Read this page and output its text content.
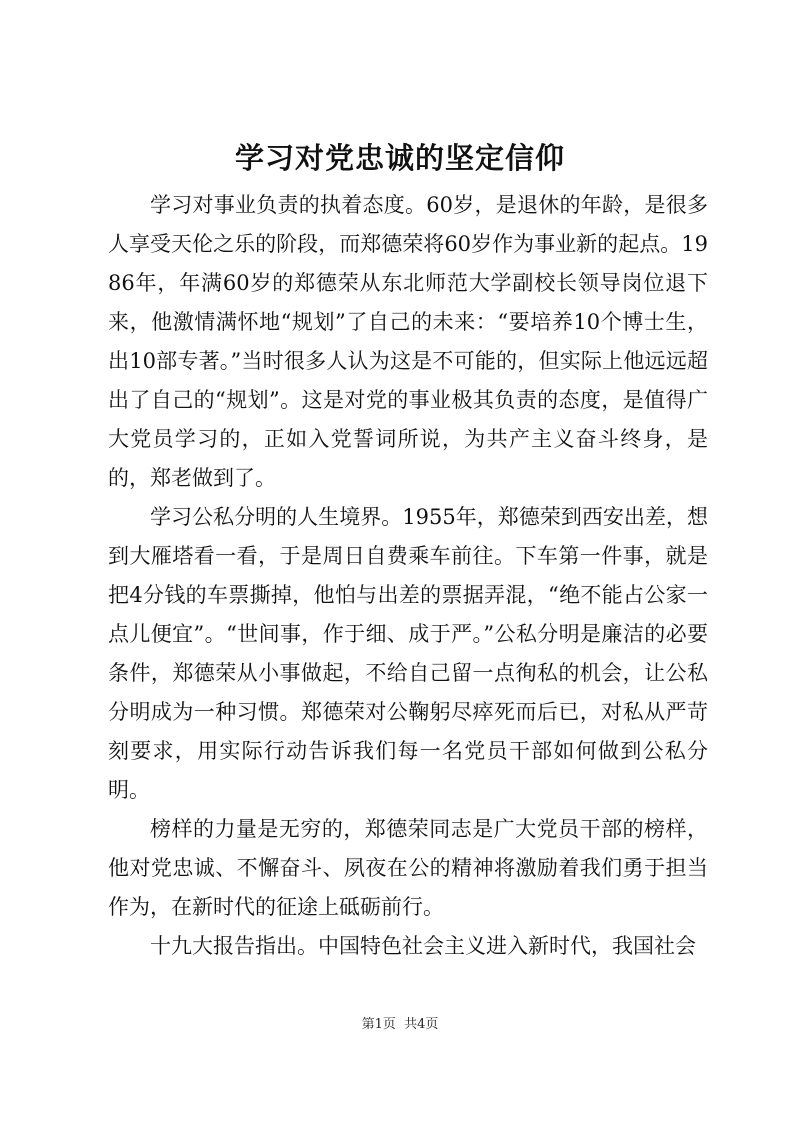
学习对党忠诚的坚定信仰

学习对事业负责的执着态度。60岁，是退休的年龄，是很多人享受天伦之乐的阶段，而郑德荣将60岁作为事业新的起点。1986年，年满60岁的郑德荣从东北师范大学副校长领导岗位退下来，他激情满怀地“规划”了自己的未来：“要培养10个博士生，出10部专著。”当时很多人认为这是不可能的，但实际上他远远超出了自己的“规划”。这是对党的事业极其负责的态度，是值得广大党员学习的，正如入党誓词所说，为共产主义奋斗终身，是的，郑老做到了。

学习公私分明的人生境界。1955年，郑德荣到西安出差，想到大雁塔看一看，于是周日自费乘车前往。下车第一件事，就是把4分钱的车票撕掉，他怕与出差的票据弄混，“绝不能占公家一点儿便宜”。“世间事，作于细、成于严。”公私分明是廉洁的必要条件，郑德荣从小事做起，不给自己留一点徇私的机会，让公私分明成为一种习惯。郑德荣对公鞠躬尽瘁死而后已，对私从严苛刻要求，用实际行动告诉我们每一名党员干部如何做到公私分明。

榜样的力量是无穷的，郑德荣同志是广大党员干部的榜样，他对党忠诚、不懈奋斗、夙夜在公的精神将激励着我们勇于担当作为，在新时代的征途上砥砺前行。

十九大报告指出。中国特色社会主义进入新时代，我国社会

第1页 共4页
